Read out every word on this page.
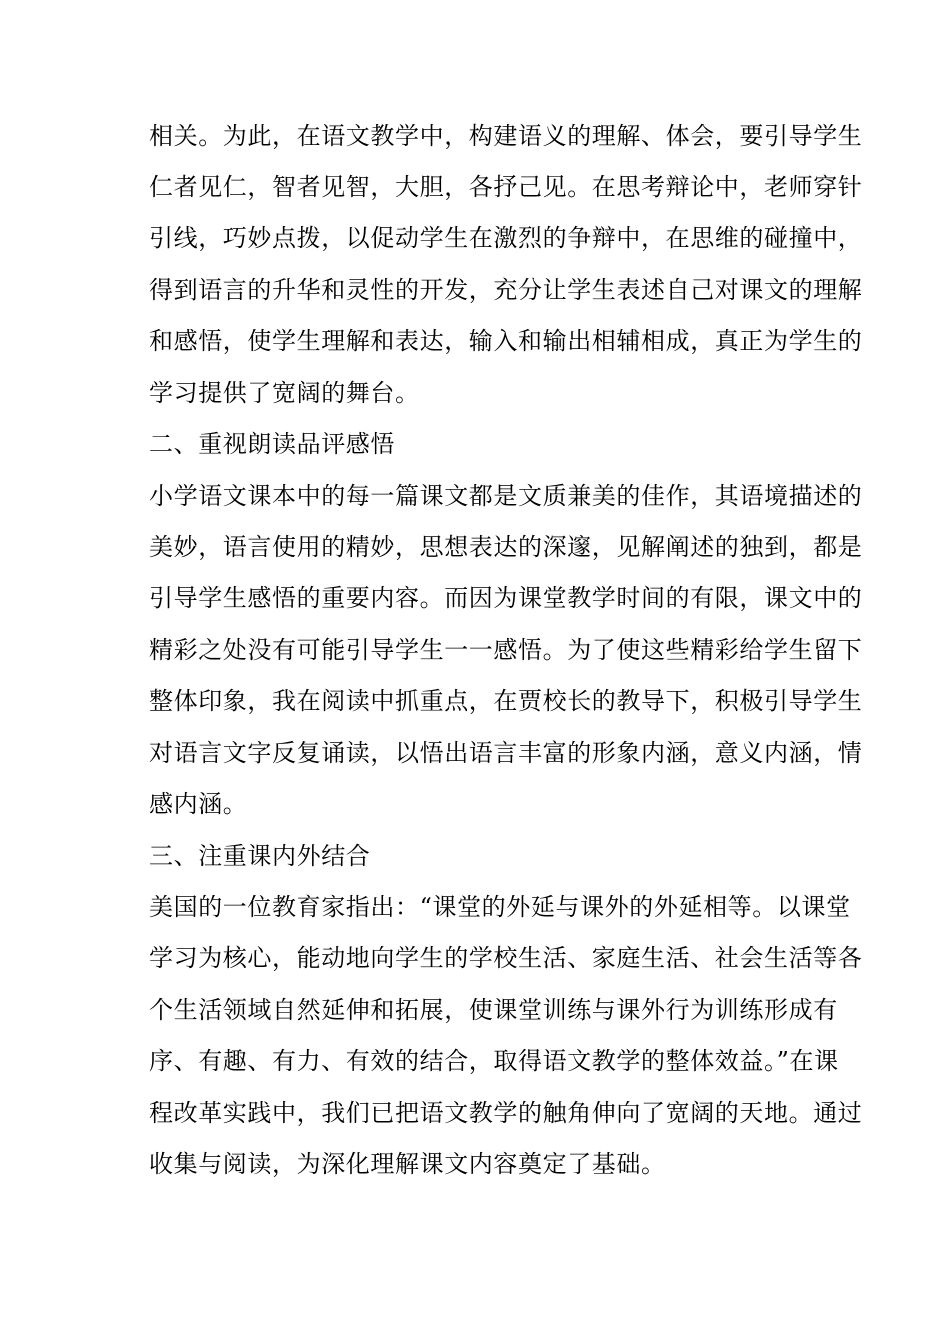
相关。为此，在语文教学中，构建语义的理解、体会，要引导学生
仁者见仁，智者见智，大胆，各抒己见。在思考辩论中，老师穿针
引线，巧妙点拨，以促动学生在激烈的争辩中，在思维的碰撞中，
得到语言的升华和灵性的开发，充分让学生表述自己对课文的理解
和感悟，使学生理解和表达，输入和输出相辅相成，真正为学生的
学习提供了宽阔的舞台。
二、重视朗读品评感悟
小学语文课本中的每一篇课文都是文质兼美的佳作，其语境描述的
美妙，语言使用的精妙，思想表达的深邃，见解阐述的独到，都是
引导学生感悟的重要内容。而因为课堂教学时间的有限，课文中的
精彩之处没有可能引导学生一一感悟。为了使这些精彩给学生留下
整体印象，我在阅读中抓重点，在贾校长的教导下，积极引导学生
对语言文字反复诵读，以悟出语言丰富的形象内涵，意义内涵，情
感内涵。
三、注重课内外结合
美国的一位教育家指出：“课堂的外延与课外的外延相等。以课堂
学习为核心，能动地向学生的学校生活、家庭生活、社会生活等各
个生活领域自然延伸和拓展，使课堂训练与课外行为训练形成有
序、有趣、有力、有效的结合，取得语文教学的整体效益。”在课
程改革实践中，我们已把语文教学的触角伸向了宽阔的天地。通过
收集与阅读，为深化理解课文内容奠定了基础。
